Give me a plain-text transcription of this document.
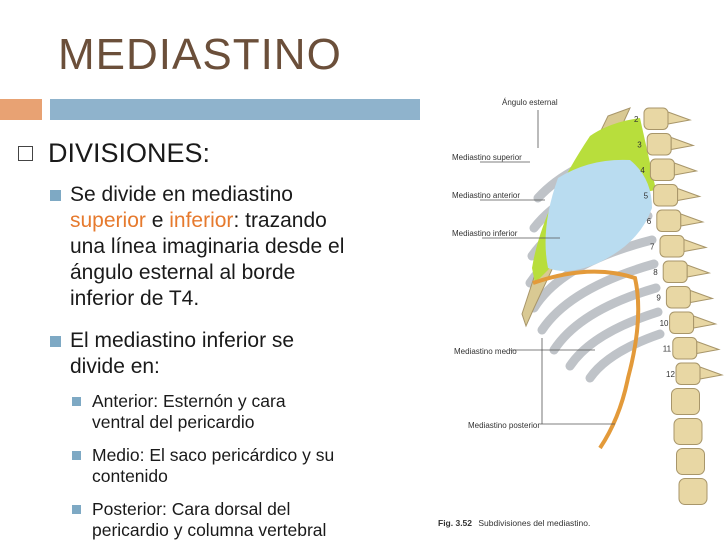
MEDIASTINO
DIVISIONES:
Se divide en mediastino
superior e inferior: trazando
una línea imaginaria desde el
ángulo esternal al borde
inferior de T4.
El mediastino inferior se
divide en:
Anterior: Esternón y cara
ventral del pericardio
Medio: El saco pericárdico y su
contenido
Posterior: Cara dorsal del
pericardio y columna vertebral
2
3
4
5
6
7
8
9
10
11
12
Ángulo esternal
Mediastino superior
Mediastino anterior
Mediastino inferior
Mediastino medio
Mediastino posterior
Fig. 3.52 Subdivisiones del mediastino.
